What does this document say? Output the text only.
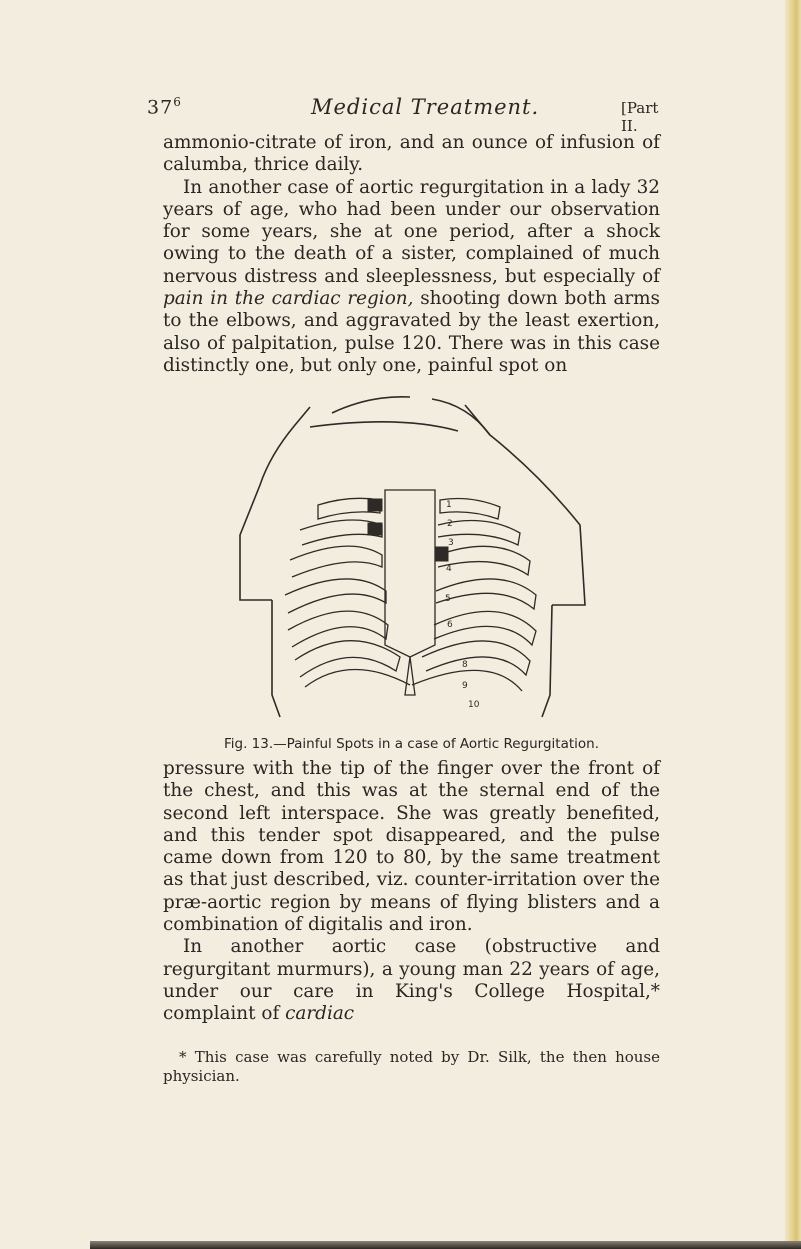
$37^6$	Medical Treatment.	[Part II.

ammonio-citrate of iron, and an ounce of infusion of calumba, thrice daily.

In another case of aortic regurgitation in a lady 32 years of age, who had been under our observation for some years, she at one period, after a shock owing to the death of a sister, complained of much nervous distress and sleeplessness, but especially of pain in the cardiac region, shooting down both arms to the elbows, and aggravated by the least exertion, also of palpitation, pulse 120. There was in this case distinctly one, but only one, painful spot on

1
2
3
4
5
6
8
9
10
Fig. 13.—Painful Spots in a case of Aortic Regurgitation.

pressure with the tip of the finger over the front of the chest, and this was at the sternal end of the second left interspace. She was greatly benefited, and this tender spot disappeared, and the pulse came down from 120 to 80, by the same treatment as that just described, viz. counter-irritation over the præ-aortic region by means of flying blisters and a combination of digitalis and iron.

In another aortic case (obstructive and regurgitant murmurs), a young man 22 years of age, under our care in King's College Hospital,* complaint of cardiac

* This case was carefully noted by Dr. Silk, the then house physician.
